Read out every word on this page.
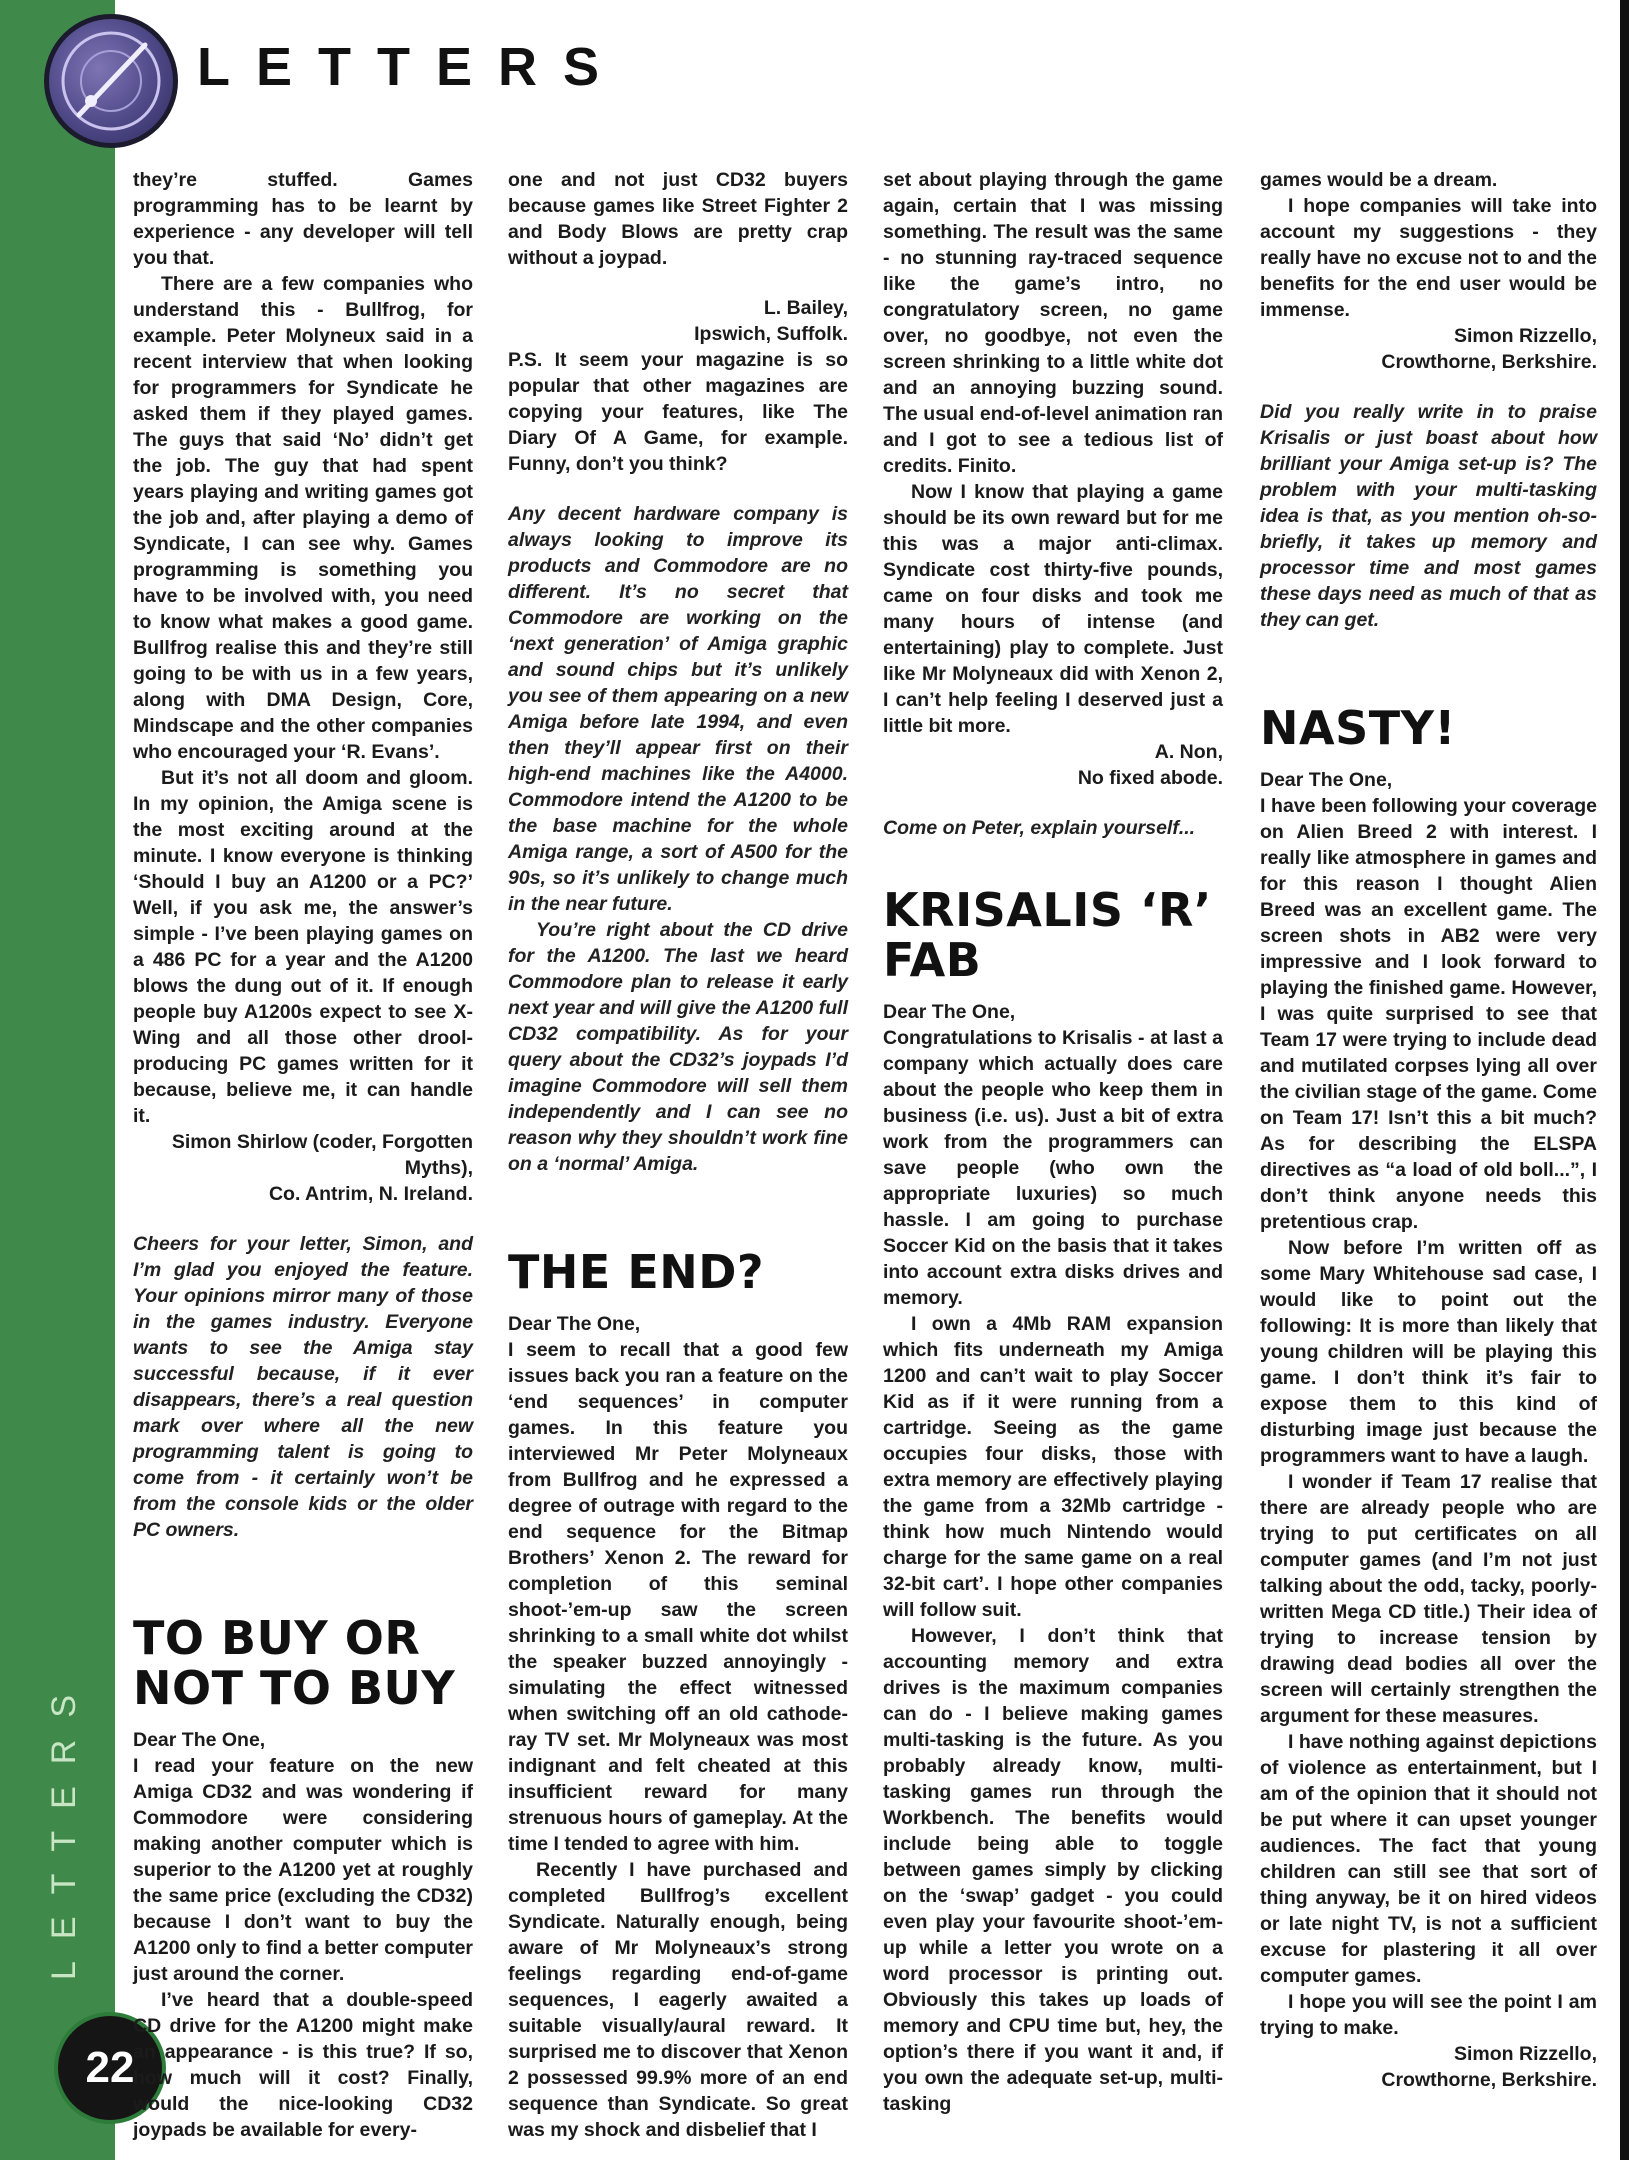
LETTERS
LETTERS
22

they’re stuffed. Games programming has to be learnt by experience - any developer will tell you that.

There are a few companies who understand this - Bullfrog, for example. Peter Molyneux said in a recent interview that when looking for programmers for Syndicate he asked them if they played games. The guys that said ‘No’ didn’t get the job. The guy that had spent years playing and writing games got the job and, after playing a demo of Syndicate, I can see why. Games programming is something you have to be involved with, you need to know what makes a good game. Bullfrog realise this and they’re still going to be with us in a few years, along with DMA Design, Core, Mindscape and the other companies who encouraged your ‘R. Evans’.

But it’s not all doom and gloom. In my opinion, the Amiga scene is the most exciting around at the minute. I know everyone is thinking ‘Should I buy an A1200 or a PC?’ Well, if you ask me, the answer’s simple - I’ve been playing games on a 486 PC for a year and the A1200 blows the dung out of it. If enough people buy A1200s expect to see X-Wing and all those other drool-producing PC games written for it because, believe me, it can handle it.

Simon Shirlow (coder, Forgotten Myths),

Co. Antrim, N. Ireland.

Cheers for your letter, Simon, and I’m glad you enjoyed the feature. Your opinions mirror many of those in the games industry. Everyone wants to see the Amiga stay successful because, if it ever disappears, there’s a real question mark over where all the new programming talent is going to come from - it certainly won’t be from the console kids or the older PC owners.

TO BUY OR NOT TO BUY

Dear The One,

I read your feature on the new Amiga CD32 and was wondering if Commodore were considering making another computer which is superior to the A1200 yet at roughly the same price (excluding the CD32) because I don’t want to buy the A1200 only to find a better computer just around the corner.

I’ve heard that a double-speed CD drive for the A1200 might make an appearance - is this true? If so, how much will it cost? Finally, would the nice-looking CD32 joypads be available for every-

one and not just CD32 buyers because games like Street Fighter 2 and Body Blows are pretty crap without a joypad.

L. Bailey,

Ipswich, Suffolk.

P.S. It seem your magazine is so popular that other magazines are copying your features, like The Diary Of A Game, for example. Funny, don’t you think?

Any decent hardware company is always looking to improve its products and Commodore are no different. It’s no secret that Commodore are working on the ‘next generation’ of Amiga graphic and sound chips but it’s unlikely you see of them appearing on a new Amiga before late 1994, and even then they’ll appear first on their high-end machines like the A4000. Commodore intend the A1200 to be the base machine for the whole Amiga range, a sort of A500 for the 90s, so it’s unlikely to change much in the near future.

You’re right about the CD drive for the A1200. The last we heard Commodore plan to release it early next year and will give the A1200 full CD32 compatibility. As for your query about the CD32’s joypads I’d imagine Commodore will sell them independently and I can see no reason why they shouldn’t work fine on a ‘normal’ Amiga.

THE END?

Dear The One,

I seem to recall that a good few issues back you ran a feature on the ‘end sequences’ in computer games. In this feature you interviewed Mr Peter Molyneaux from Bullfrog and he expressed a degree of outrage with regard to the end sequence for the Bitmap Brothers’ Xenon 2. The reward for completion of this seminal shoot-’em-up saw the screen shrinking to a small white dot whilst the speaker buzzed annoyingly - simulating the effect witnessed when switching off an old cathode-ray TV set. Mr Molyneaux was most indignant and felt cheated at this insufficient reward for many strenuous hours of gameplay. At the time I tended to agree with him.

Recently I have purchased and completed Bullfrog’s excellent Syndicate. Naturally enough, being aware of Mr Molyneaux’s strong feelings regarding end-of-game sequences, I eagerly awaited a suitable visually/aural reward. It surprised me to discover that Xenon 2 possessed 99.9% more of an end sequence than Syndicate. So great was my shock and disbelief that I

set about playing through the game again, certain that I was missing something. The result was the same - no stunning ray-traced sequence like the game’s intro, no congratulatory screen, no game over, no goodbye, not even the screen shrinking to a little white dot and an annoying buzzing sound. The usual end-of-level animation ran and I got to see a tedious list of credits. Finito.

Now I know that playing a game should be its own reward but for me this was a major anti-climax. Syndicate cost thirty-five pounds, came on four disks and took me many hours of intense (and entertaining) play to complete. Just like Mr Molyneaux did with Xenon 2, I can’t help feeling I deserved just a little bit more.

A. Non,

No fixed abode.

Come on Peter, explain yourself...

KRISALIS ‘R’ FAB

Dear The One,

Congratulations to Krisalis - at last a company which actually does care about the people who keep them in business (i.e. us). Just a bit of extra work from the programmers can save people (who own the appropriate luxuries) so much hassle. I am going to purchase Soccer Kid on the basis that it takes into account extra disks drives and memory.

I own a 4Mb RAM expansion which fits underneath my Amiga 1200 and can’t wait to play Soccer Kid as if it were running from a cartridge. Seeing as the game occupies four disks, those with extra memory are effectively playing the game from a 32Mb cartridge - think how much Nintendo would charge for the same game on a real 32-bit cart’. I hope other companies will follow suit.

However, I don’t think that accounting memory and extra drives is the maximum companies can do - I believe making games multi-tasking is the future. As you probably already know, multi-tasking games run through the Workbench. The benefits would include being able to toggle between games simply by clicking on the ‘swap’ gadget - you could even play your favourite shoot-’em-up while a letter you wrote on a word processor is printing out. Obviously this takes up loads of memory and CPU time but, hey, the option’s there if you want it and, if you own the adequate set-up, multi-tasking

games would be a dream.

I hope companies will take into account my suggestions - they really have no excuse not to and the benefits for the end user would be immense.

Simon Rizzello,

Crowthorne, Berkshire.

Did you really write in to praise Krisalis or just boast about how brilliant your Amiga set-up is? The problem with your multi-tasking idea is that, as you mention oh-so-briefly, it takes up memory and processor time and most games these days need as much of that as they can get.

NASTY!

Dear The One,

I have been following your coverage on Alien Breed 2 with interest. I really like atmosphere in games and for this reason I thought Alien Breed was an excellent game. The screen shots in AB2 were very impressive and I look forward to playing the finished game. However, I was quite surprised to see that Team 17 were trying to include dead and mutilated corpses lying all over the civilian stage of the game. Come on Team 17! Isn’t this a bit much? As for describing the ELSPA directives as “a load of old boll...”, I don’t think anyone needs this pretentious crap.

Now before I’m written off as some Mary Whitehouse sad case, I would like to point out the following: It is more than likely that young children will be playing this game. I don’t think it’s fair to expose them to this kind of disturbing image just because the programmers want to have a laugh.

I wonder if Team 17 realise that there are already people who are trying to put certificates on all computer games (and I’m not just talking about the odd, tacky, poorly-written Mega CD title.) Their idea of trying to increase tension by drawing dead bodies all over the screen will certainly strengthen the argument for these measures.

I have nothing against depictions of violence as entertainment, but I am of the opinion that it should not be put where it can upset younger audiences. The fact that young children can still see that sort of thing anyway, be it on hired videos or late night TV, is not a sufficient excuse for plastering it all over computer games.

I hope you will see the point I am trying to make.

Simon Rizzello,

Crowthorne, Berkshire.
